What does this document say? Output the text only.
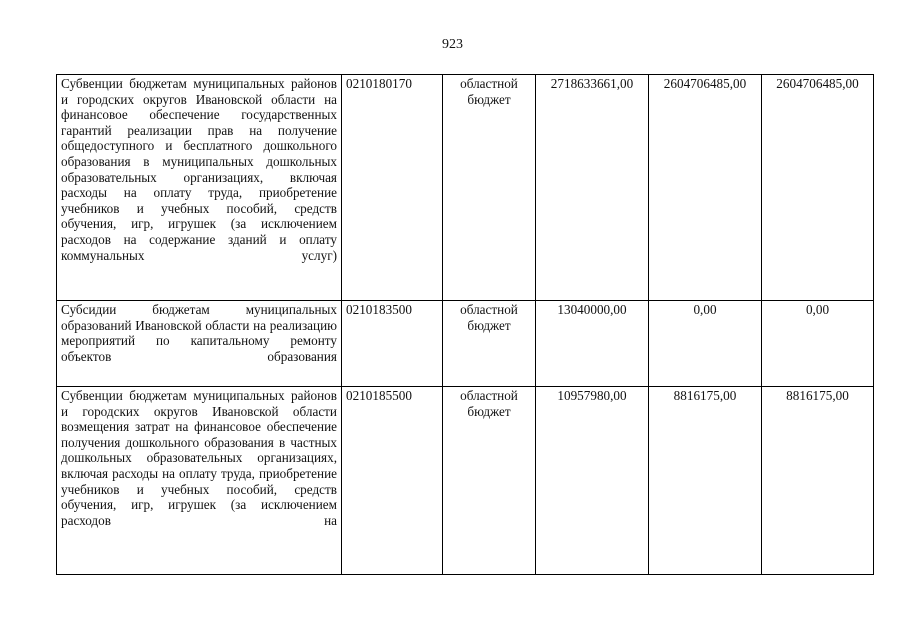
923
Субвенции бюджетам муниципальных районов и городских округов Ивановской области на финансовое обеспечение государственных гарантий реализации прав на получение общедоступного и бесплатного дошкольного образования в муниципальных дошкольных образовательных организациях, включая расходы на оплату труда, приобретение учебников и учебных пособий, средств обучения, игр, игрушек (за исключением расходов на содержание зданий и оплату коммунальных услуг)	0210180170	областной бюджет	2718633661,00	2604706485,00	2604706485,00
Субсидии бюджетам муниципальных образований Ивановской области на реализацию мероприятий по капитальному ремонту объектов образования	0210183500	областной бюджет	13040000,00	0,00	0,00
Субвенции бюджетам муниципальных районов и городских округов Ивановской области возмещения затрат на финансовое обеспечение получения дошкольного образования в частных дошкольных образовательных организациях, включая расходы на оплату труда, приобретение учебников и учебных пособий, средств обучения, игр, игрушек (за исключением расходов на	0210185500	областной бюджет	10957980,00	8816175,00	8816175,00
